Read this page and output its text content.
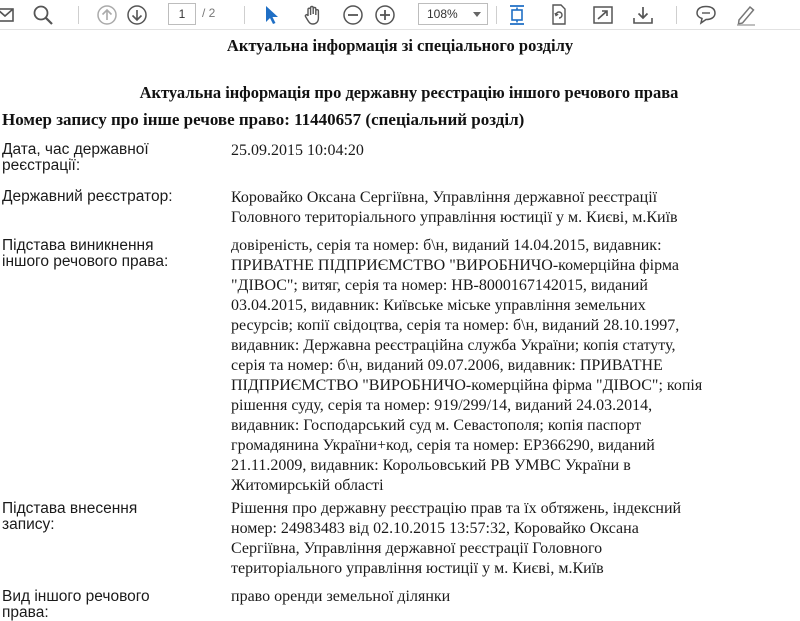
1	/ 2	108%
Актуальна інформація зі спеціального розділу
Актуальна інформація про державну реєстрацію іншого речового права
Номер запису про інше речове право: 11440657 (спеціальний розділ)
Дата, час державної
реєстрації:
25.09.2015 10:04:20
Державний реєстратор:	Коровайко Оксана Сергіївна, Управління державної реєстрації
Головного територіального управління юстиції у м. Києві, м.Київ
Підстава виникнення
іншого речового права:
довіреність, серія та номер: б\н, виданий 14.04.2015, видавник:
ПРИВАТНЕ ПІДПРИЄМСТВО "ВИРОБНИЧО-комерційна фірма
"ДІВОС"; витяг, серія та номер: НВ-8000167142015, виданий
03.04.2015, видавник: Київське міське управління земельних
ресурсів; копії свідоцтва, серія та номер: б\н, виданий 28.10.1997,
видавник: Державна реєстраційна служба України; копія статуту,
серія та номер: б\н, виданий 09.07.2006, видавник: ПРИВАТНЕ
ПІДПРИЄМСТВО "ВИРОБНИЧО-комерційна фірма "ДІВОС"; копія
рішення суду, серія та номер: 919/299/14, виданий 24.03.2014,
видавник: Господарський суд м. Севастополя; копія паспорт
громадянина України+код, серія та номер: ЕР366290, виданий
21.11.2009, видавник: Корольовський РВ УМВС України в
Житомирській області
Підстава внесення
запису:
Рішення про державну реєстрацію прав та їх обтяжень, індексний
номер: 24983483 від 02.10.2015 13:57:32, Коровайко Оксана
Сергіївна, Управління державної реєстрації Головного
територіального управління юстиції у м. Києві, м.Київ
Вид іншого речового
права:
право оренди земельної ділянки
